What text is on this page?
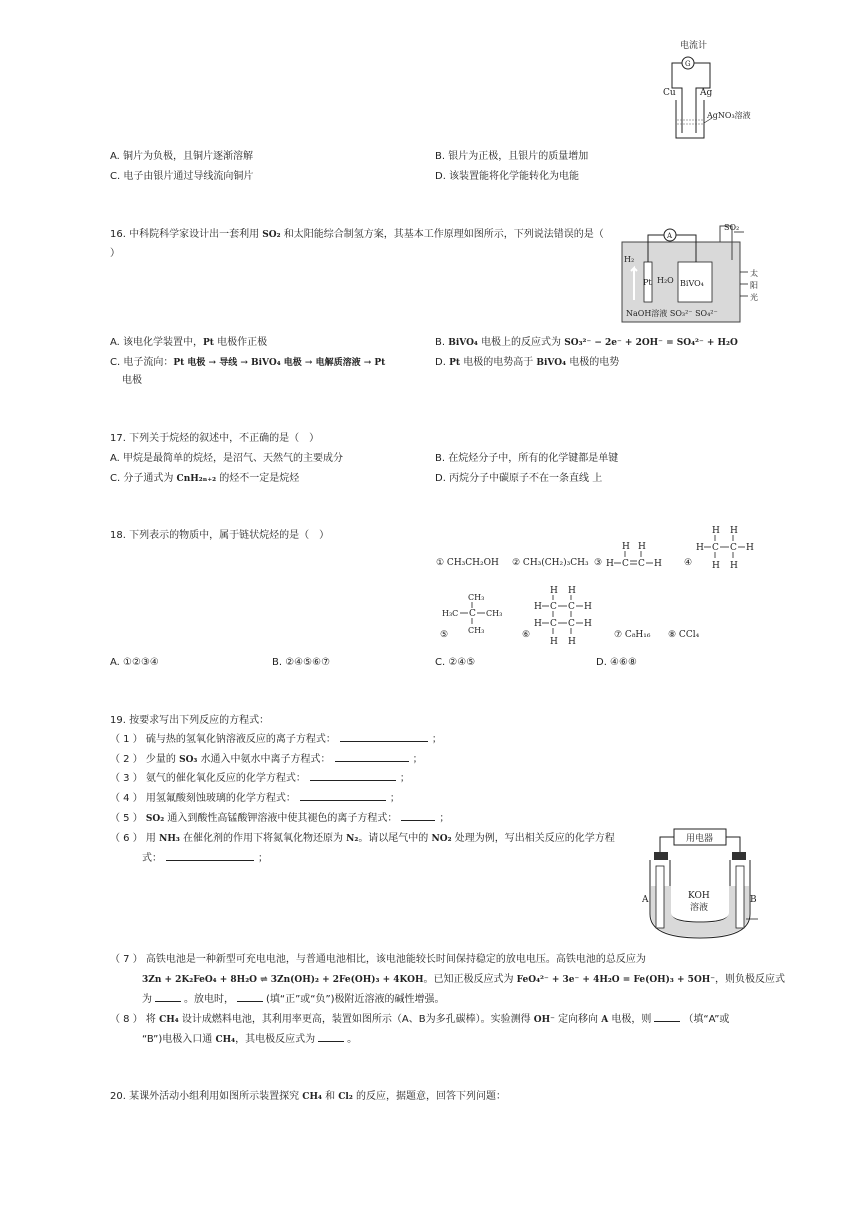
电流计
G
Cu	Ag
AgNO₃溶液
A. 铜片为负极，且铜片逐渐溶解	B. 银片为正极，且银片的质量增加
C. 电子由银片通过导线流向铜片	D. 该装置能将化学能转化为电能
16. 中科院科学家设计出一套利用 SO₂ 和太阳能综合制氢方案，其基本工作原理如图所示，下列说法错误的是（
）
A
H₂
Pt H₂O BiVO₄
NaOH溶液 SO₃²⁻ SO₄²⁻
SO₂
太
阳
光
A. 该电化学装置中，Pt 电极作正极	B. BiVO₄ 电极上的反应式为 SO₃²⁻ − 2e⁻ + 2OH⁻ = SO₄²⁻ + H₂O
C. 电子流向：Pt 电极 → 导线 → BiVO₄ 电极 → 电解质溶液 → Pt
电极
D. Pt 电极的电势高于 BiVO₄ 电极的电势
17. 下列关于烷烃的叙述中，不正确的是（　）
A. 甲烷是最简单的烷烃，是沼气、天然气的主要成分	B. 在烷烃分子中，所有的化学键都是单键
C. 分子通式为 CnH₂ₙ₊₂ 的烃不一定是烷烃	D. 丙烷分子中碳原子不在一条直线 上
18. 下列表示的物质中，属于链状烷烃的是（　）
① CH₃CH₂OH ② CH₃(CH₂)₃CH₃ ③ H C C H
H H
④
H H
H C C H
H H
CH₃
H₃C C CH₃
CH₃
⑤
H H
H C C H
H C C H
H H
⑥	⑦ C₈H₁₆ ⑧ CCl₄
A. ①②③④	B. ②④⑤⑥⑦	C. ②④⑤	D. ④⑥⑧
19. 按要求写出下列反应的方程式：
（ 1 ） 硫与热的氢氧化钠溶液反应的离子方程式：	；
（ 2 ） 少量的 SO₃ 水通入中氨水中离子方程式：	；
（ 3 ） 氨气的催化氧化反应的化学方程式：	；
（ 4 ） 用氢氟酸刻蚀玻璃的化学方程式：	；
（ 5 ） SO₂ 通入到酸性高锰酸钾溶液中使其褪色的离子方程式：	；
（ 6 ） 用 NH₃ 在催化剂的作用下将氮氧化物还原为 N₂。请以尾气中的 NO₂ 处理为例，写出相关反应的化学方程
式：	；
用电器
KOH
溶液
A	B
（ 7 ） 高铁电池是一种新型可充电电池，与普通电池相比，该电池能较长时间保持稳定的放电电压。高铁电池的总反应为
3Zn + 2K₂FeO₄ + 8H₂O ⇌ 3Zn(OH)₂ + 2Fe(OH)₃ + 4KOH。已知正极反应式为 FeO₄²⁻ + 3e⁻ + 4H₂O = Fe(OH)₃ + 5OH⁻，则负极反应式
为	。放电时，	(填“正”或“负”)极附近溶液的碱性增强。
（ 8 ） 将 CH₄ 设计成燃料电池，其利用率更高，装置如图所示（A、B为多孔碳棒）。实验测得 OH⁻ 定向移向 A 电极，则	（填“A”或
“B”)电极入口通 CH₄，其电极反应式为	。
20. 某课外活动小组利用如图所示装置探究 CH₄ 和 Cl₂ 的反应，据题意，回答下列问题：
